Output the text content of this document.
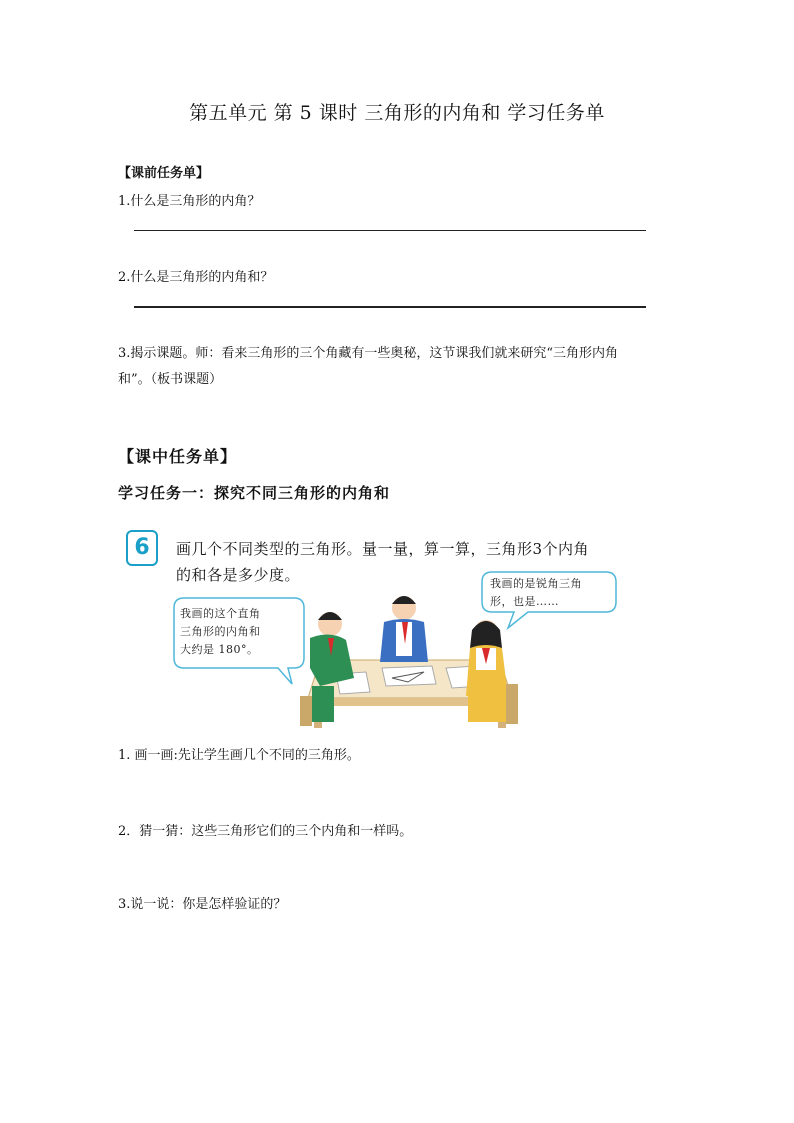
第五单元 第 5 课时 三角形的内角和 学习任务单
【课前任务单】
1.什么是三角形的内角？
2.什么是三角形的内角和？
3.揭示课题。师：看来三角形的三个角藏有一些奥秘，这节课我们就来研究“三角形内角
和”。（板书课题）
【课中任务单】
学习任务一：探究不同三角形的内角和
6	画几个不同类型的三角形。量一量，算一算，三角形3个内角
的和各是多少度。
我画的这个直角
三角形的内角和
大约是 180°。
我画的是锐角三角
形，也是……
1. 画一画:先让学生画几个不同的三角形。
2．猜一猜：这些三角形它们的三个内角和一样吗。
3.说一说：你是怎样验证的？
